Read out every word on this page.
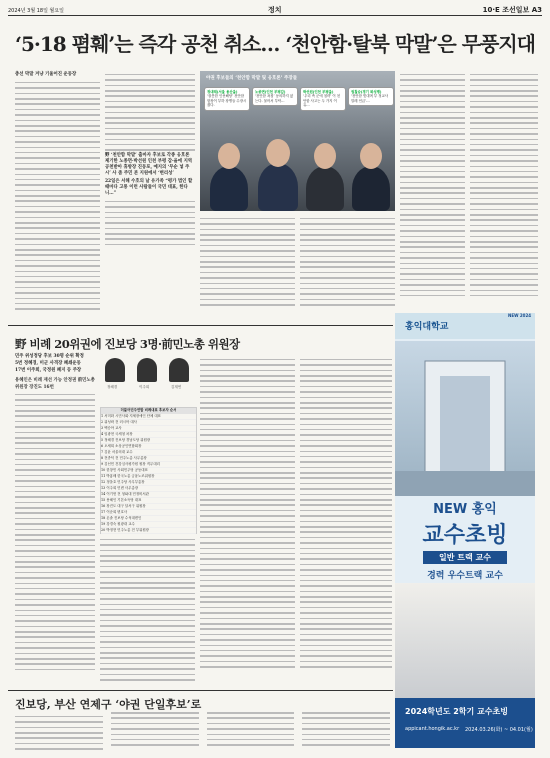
2024년 3월 18일 월요일	정치	10·E 조선일보 A3
‘5·18 폄훼’는 즉각 공천 취소… ‘천안함·탈북 막말’은 무풍지대
충선 막말 겨냥 기울어진 운동장
野 ‘천안함 막말’ 출마자 후보로 각종 옹호론 제기한 노종면·박선원 인천 부평 갑·을에 지역 공천받아 휴방장 진동포, 예지의 ‘무순 넣 주시’ 사 좀 주민 본 지원에서 ‘변리성’
22일은 서해 수호의 날 유가족 “평가 법인 할 때마다 고통 이런 사람들이 국민 대표, 한다니…”
야권 후보들의 ‘천안함 막말 및 옹호론’ 주장들
정대래(서울 용산을)
‘잘못한 인선해당’ 천안함 함장이 부하 장병들 수장시켰다.
노종면(인천 부평갑)
‘천안함 폭침’ 동의하지 않는다. 물어서 부탁…
박선원(인천 부평을)
‘우리 측 군에 침략’ 이 천안함 사고는 두 가지 이유…
권칠승(경기 화성병)
‘천안함 빗대며 부 정교사 말레 언급’…
野 비례 20위권에 진보당 3명·前민노총 위원장
민주 위성정당 후보 30명 순위 확정
5번 정혜경, 미군 사격장 폐쇄운동
17번 이주희, 국정원 폐지 등 주장
용혜인은 비례 재선 가능 안정권 前민노총 위원장 장진도 16번	정혜경	이주희	김재연
더불어민주연합 비례대표 후보자 순서
1 서미화 시민사회·지체장애인 단체 대표
2 위성락 전 러시아 대사
3 백승아 교사
4 임광현 국세청 차장
5 정혜경 진보당 경남도당 위원장
6 오세희 소상공인연합회장
7 김윤 서울의대 교수
8 전종덕 전 민주노총 사무총장
9 김선민 건강심사평가원 원장 직무대리
10 한창민 사회민주당 공동대표
11 박홍배 한국노총 금융노조위원장
12 정을호 민주당 사무부총장
13 이주희 민변 사무총장
14 이기헌 전 청와대 민정비서관
15 용혜인 기본소득당 대표
16 장진도 대구 달서구 위원장
17 이준희 변호사
18 손솔 진보당 수석대변인
19 강경숙 원광대 교수
20 박정현 민주노총 전 부위원장
진보당, 부산 연제구 ‘야권 단일후보’로
홍익대학교
NEW 홍익
교수초빙
일반 트랙 교수
경력 우수트랙 교수
2024학년도 2학기 교수초빙
appicant.hongik.ac.kr 2024.03.26(화) ~ 04.01(월)
NEW 2024
